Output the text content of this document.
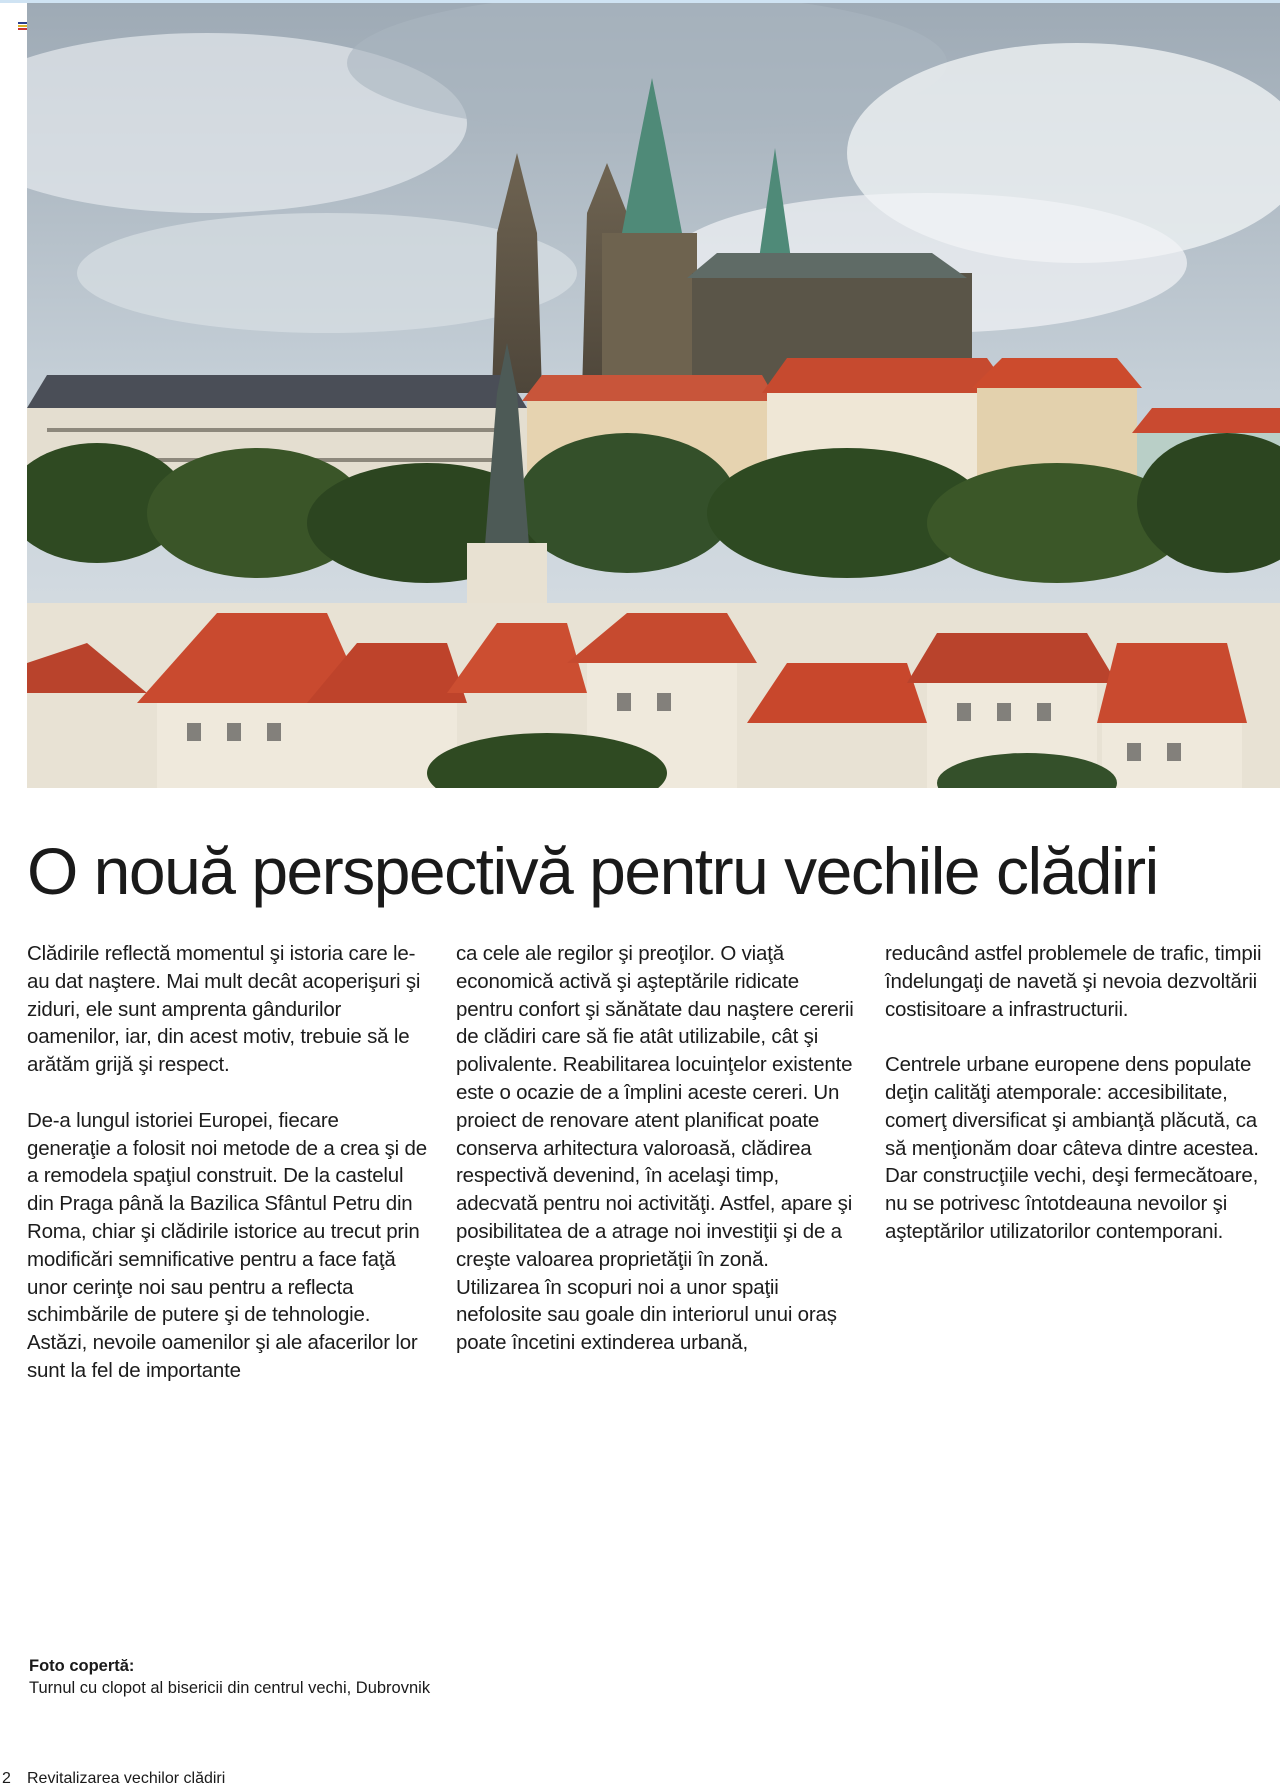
O nouă perspectivă pentru vechile clădiri

Clădirile reflectă momentul şi istoria care le-au dat naştere. Mai mult decât acoperişuri şi ziduri, ele sunt amprenta gândurilor oamenilor, iar, din acest motiv, trebuie să le arătăm grijă şi respect.

De-a lungul istoriei Europei, fiecare generaţie a folosit noi metode de a crea şi de a remodela spaţiul construit. De la castelul din Praga până la Bazilica Sfântul Petru din Roma, chiar şi clădirile istorice au trecut prin modificări semnificative pentru a face faţă unor cerinţe noi sau pentru a reflecta schimbările de putere şi de tehnologie. Astăzi, nevoile oamenilor şi ale afacerilor lor sunt la fel de importante

ca cele ale regilor şi preoţilor. O viaţă economică activă şi aşteptările ridicate pentru confort şi sănătate dau naştere cererii de clădiri care să fie atât utilizabile, cât şi polivalente. Reabilitarea locuinţelor existente este o ocazie de a împlini aceste cereri. Un proiect de renovare atent planificat poate conserva arhitectura valoroasă, clădirea respectivă devenind, în acelaşi timp, adecvată pentru noi activităţi. Astfel, apare şi posibilitatea de a atrage noi investiţii şi de a creşte valoarea proprietăţii în zonă.

Utilizarea în scopuri noi a unor spaţii nefolosite sau goale din interiorul unui oraș poate încetini extinderea urbană,

reducând astfel problemele de trafic, timpii îndelungaţi de navetă şi nevoia dezvoltării costisitoare a infrastructurii.

Centrele urbane europene dens populate deţin calităţi atemporale: accesibilitate, comerţ diversificat şi ambianţă plăcută, ca să menţionăm doar câteva dintre acestea. Dar construcţiile vechi, deşi fermecătoare, nu se potrivesc întotdeauna nevoilor şi aşteptărilor utilizatorilor contemporani.

Foto copertă:
Turnul cu clopot al bisericii din centrul vechi, Dubrovnik
2 Revitalizarea vechilor clădiri
